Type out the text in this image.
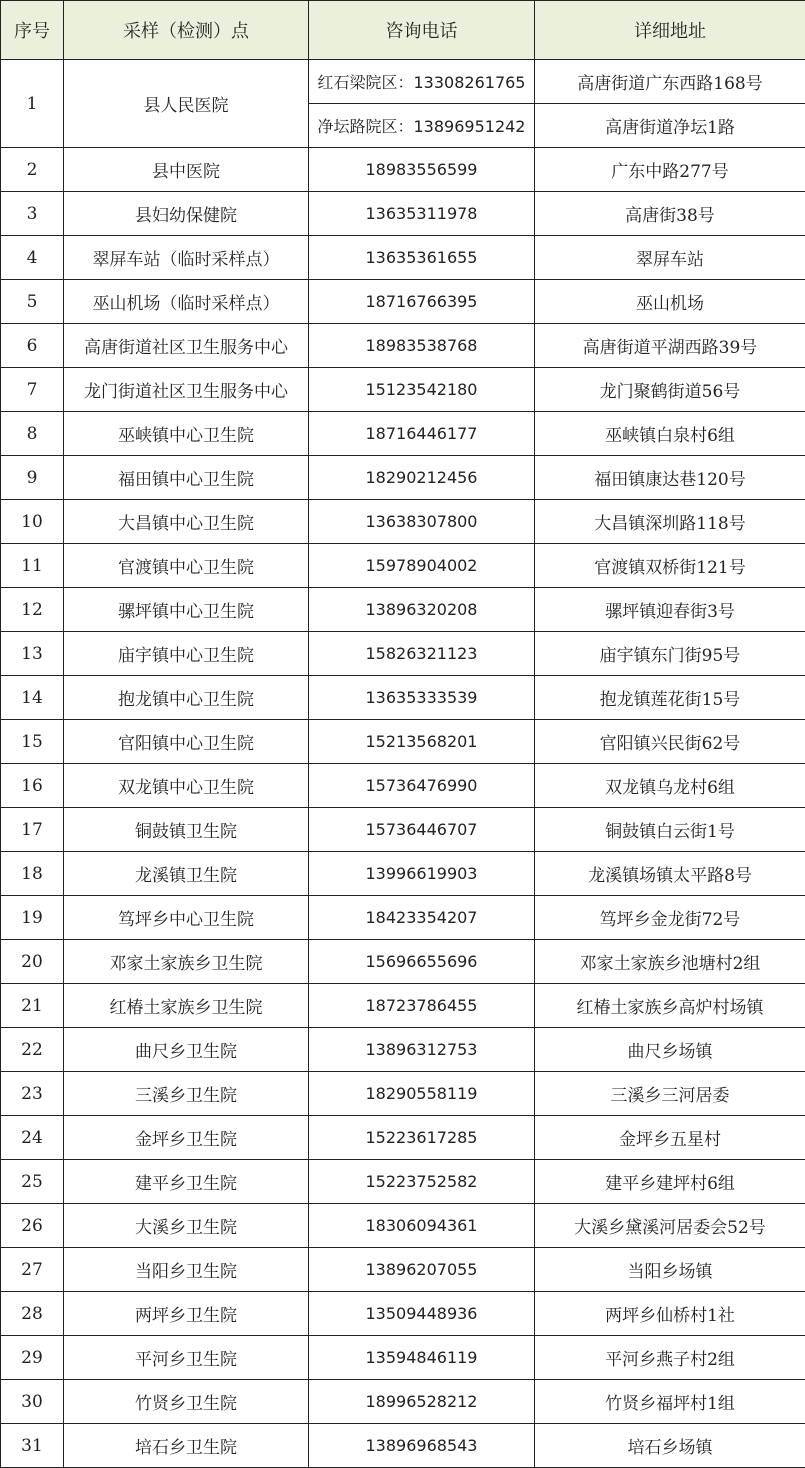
序号	采样（检测）点	咨询电话	详细地址
1	县人民医院	红石梁院区：13308261765	高唐街道广东西路168号
		净坛路院区：13896951242	高唐街道净坛1路
2	县中医院	18983556599	广东中路277号
3	县妇幼保健院	13635311978	高唐街38号
4	翠屏车站（临时采样点）	13635361655	翠屏车站
5	巫山机场（临时采样点）	18716766395	巫山机场
6	高唐街道社区卫生服务中心	18983538768	高唐街道平湖西路39号
7	龙门街道社区卫生服务中心	15123542180	龙门聚鹤街道56号
8	巫峡镇中心卫生院	18716446177	巫峡镇白泉村6组
9	福田镇中心卫生院	18290212456	福田镇康达巷120号
10	大昌镇中心卫生院	13638307800	大昌镇深圳路118号
11	官渡镇中心卫生院	15978904002	官渡镇双桥街121号
12	骡坪镇中心卫生院	13896320208	骡坪镇迎春街3号
13	庙宇镇中心卫生院	15826321123	庙宇镇东门街95号
14	抱龙镇中心卫生院	13635333539	抱龙镇莲花街15号
15	官阳镇中心卫生院	15213568201	官阳镇兴民街62号
16	双龙镇中心卫生院	15736476990	双龙镇乌龙村6组
17	铜鼓镇卫生院	15736446707	铜鼓镇白云街1号
18	龙溪镇卫生院	13996619903	龙溪镇场镇太平路8号
19	笃坪乡中心卫生院	18423354207	笃坪乡金龙街72号
20	邓家土家族乡卫生院	15696655696	邓家土家族乡池塘村2组
21	红椿土家族乡卫生院	18723786455	红椿土家族乡高炉村场镇
22	曲尺乡卫生院	13896312753	曲尺乡场镇
23	三溪乡卫生院	18290558119	三溪乡三河居委
24	金坪乡卫生院	15223617285	金坪乡五星村
25	建平乡卫生院	15223752582	建平乡建坪村6组
26	大溪乡卫生院	18306094361	大溪乡黛溪河居委会52号
27	当阳乡卫生院	13896207055	当阳乡场镇
28	两坪乡卫生院	13509448936	两坪乡仙桥村1社
29	平河乡卫生院	13594846119	平河乡燕子村2组
30	竹贤乡卫生院	18996528212	竹贤乡福坪村1组
31	培石乡卫生院	13896968543	培石乡场镇
